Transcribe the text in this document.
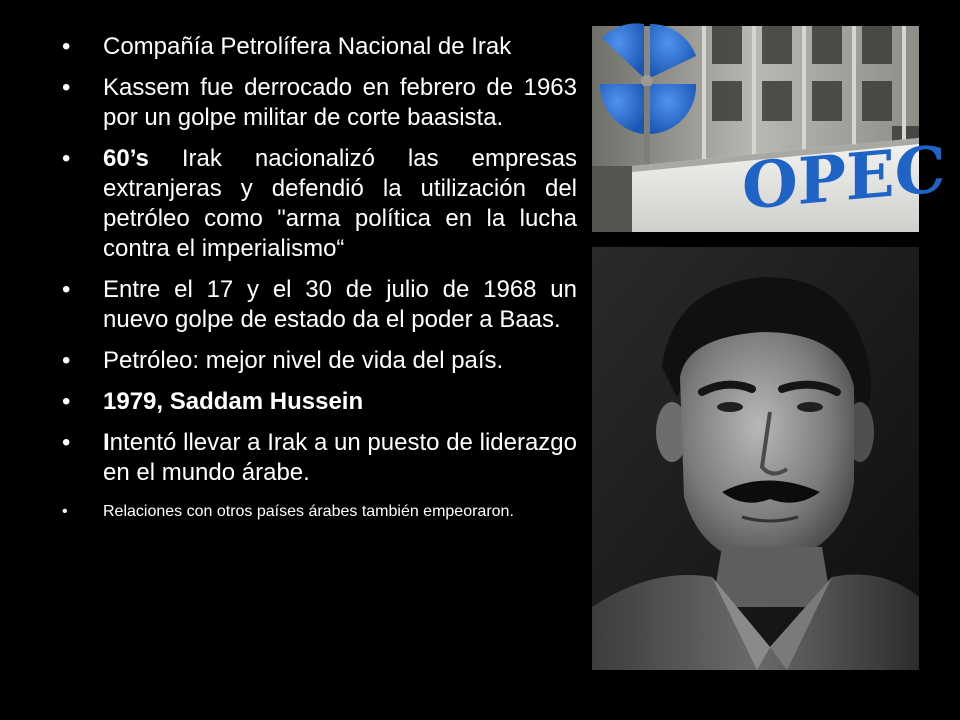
•	Compañía Petrolífera Nacional de Irak
•	Kassem fue derrocado en febrero de 1963 por un golpe militar de corte baasista.
•	60’s Irak nacionalizó las empresas extranjeras y defendió la utilización del petróleo como "arma política en la lucha contra el imperialismo“
•	Entre el 17 y el 30 de julio de 1968 un nuevo golpe de estado da el poder a Baas.
•	Petróleo: mejor nivel de vida del país.
•	1979, Saddam Hussein
•	Intentó llevar a Irak a un puesto de liderazgo en el mundo árabe.
•	Relaciones con otros países árabes también empeoraron.
OPEC
